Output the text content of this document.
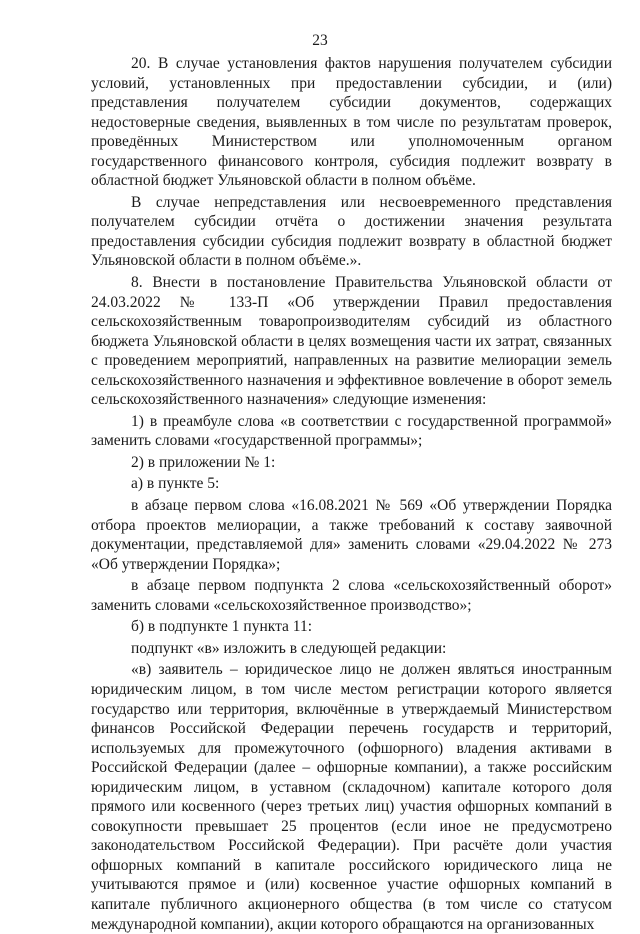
23

20. В случае установления фактов нарушения получателем субсидии условий, установленных при предоставлении субсидии, и (или) представления получателем субсидии документов, содержащих недостоверные сведения, выявленных в том числе по результатам проверок, проведённых Министерством или уполномоченным органом государственного финансового контроля, субсидия подлежит возврату в областной бюджет Ульяновской области в полном объёме.

В случае непредставления или несвоевременного представления получателем субсидии отчёта о достижении значения результата предоставления субсидии субсидия подлежит возврату в областной бюджет Ульяновской области в полном объёме.».

8. Внести в постановление Правительства Ульяновской области от 24.03.2022 № 133-П «Об утверждении Правил предоставления сельскохозяйственным товаропроизводителям субсидий из областного бюджета Ульяновской области в целях возмещения части их затрат, связанных с проведением мероприятий, направленных на развитие мелиорации земель сельскохозяйственного назначения и эффективное вовлечение в оборот земель сельскохозяйственного назначения» следующие изменения:

1) в преамбуле слова «в соответствии с государственной программой» заменить словами «государственной программы»;

2) в приложении № 1:

а) в пункте 5:

в абзаце первом слова «16.08.2021 № 569 «Об утверждении Порядка отбора проектов мелиорации, а также требований к составу заявочной документации, представляемой для» заменить словами «29.04.2022 № 273 «Об утверждении Порядка»;

в абзаце первом подпункта 2 слова «сельскохозяйственный оборот» заменить словами «сельскохозяйственное производство»;

б) в подпункте 1 пункта 11:

подпункт «в» изложить в следующей редакции:

«в) заявитель – юридическое лицо не должен являться иностранным юридическим лицом, в том числе местом регистрации которого является государство или территория, включённые в утверждаемый Министерством финансов Российской Федерации перечень государств и территорий, используемых для промежуточного (офшорного) владения активами в Российской Федерации (далее – офшорные компании), а также российским юридическим лицом, в уставном (складочном) капитале которого доля прямого или косвенного (через третьих лиц) участия офшорных компаний в совокупности превышает 25 процентов (если иное не предусмотрено законодательством Российской Федерации). При расчёте доли участия офшорных компаний в капитале российского юридического лица не учитываются прямое и (или) косвенное участие офшорных компаний в капитале публичного акционерного общества (в том числе со статусом международной компании), акции которого обращаются на организованных
